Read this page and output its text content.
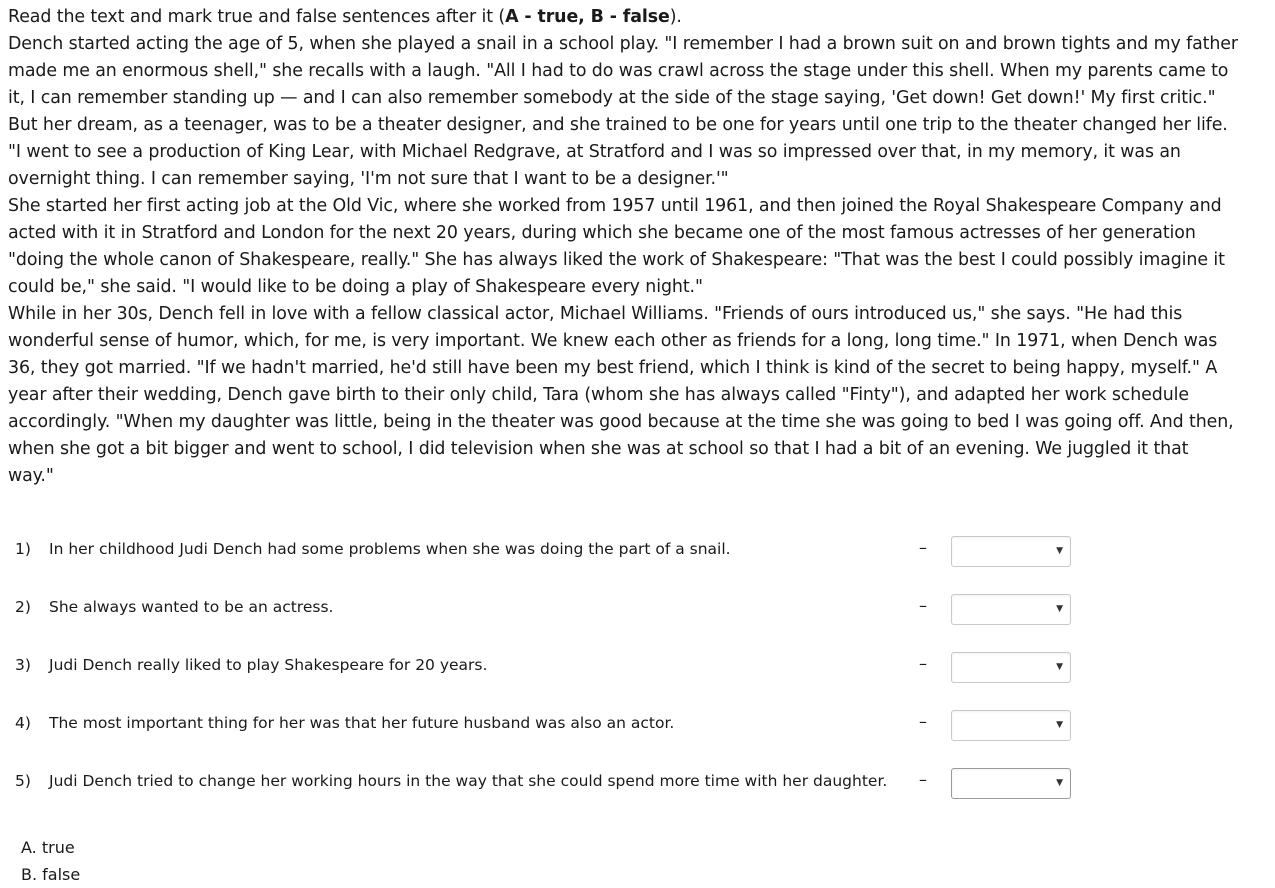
Read the text and mark true and false sentences after it (A - true, B - false).

Dench started acting the age of 5, when she played a snail in a school play. "I remember I had a brown suit on and brown tights and my father made me an enormous shell," she recalls with a laugh. "All I had to do was crawl across the stage under this shell. When my parents came to it, I can remember standing up — and I can also remember somebody at the side of the stage saying, 'Get down! Get down!' My first critic." But her dream, as a teenager, was to be a theater designer, and she trained to be one for years until one trip to the theater changed her life. "I went to see a production of King Lear, with Michael Redgrave, at Stratford and I was so impressed over that, in my memory, it was an overnight thing. I can remember saying, 'I'm not sure that I want to be a designer.'"

She started her first acting job at the Old Vic, where she worked from 1957 until 1961, and then joined the Royal Shakespeare Company and acted with it in Stratford and London for the next 20 years, during which she became one of the most famous actresses of her generation "doing the whole canon of Shakespeare, really." She has always liked the work of Shakespeare: "That was the best I could possibly imagine it could be," she said. "I would like to be doing a play of Shakespeare every night."

While in her 30s, Dench fell in love with a fellow classical actor, Michael Williams. "Friends of ours introduced us," she says. "He had this wonderful sense of humor, which, for me, is very important. We knew each other as friends for a long, long time." In 1971, when Dench was 36, they got married. "If we hadn't married, he'd still have been my best friend, which I think is kind of the secret to being happy, myself." A year after their wedding, Dench gave birth to their only child, Tara (whom she has always called "Finty"), and adapted her work schedule accordingly. "When my daughter was little, being in the theater was good because at the time she was going to bed I was going off. And then, when she got a bit bigger and went to school, I did television when she was at school so that I had a bit of an evening. We juggled it that way."

1) In her childhood Judi Dench had some problems when she was doing the part of a snail.	–	▼
2) She always wanted to be an actress.	–	▼
3) Judi Dench really liked to play Shakespeare for 20 years.	–	▼
4) The most important thing for her was that her future husband was also an actor.	–	▼
5) Judi Dench tried to change her working hours in the way that she could spend more time with her daughter. –	▼
A. true
B. false
